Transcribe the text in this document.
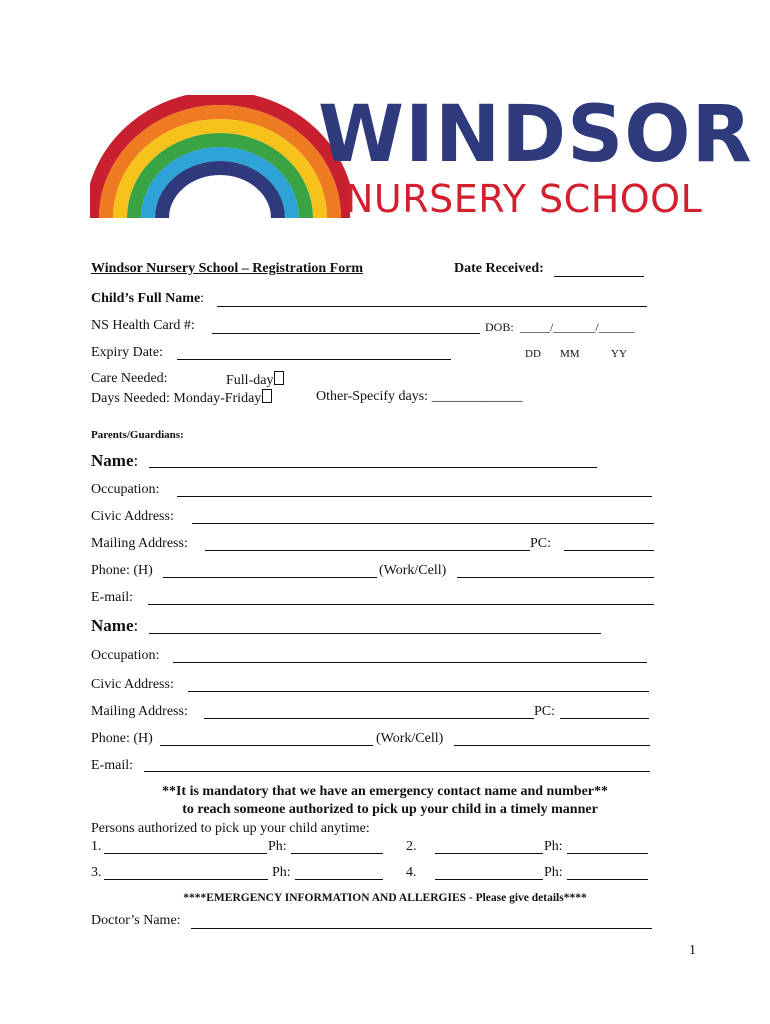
WINDSOR
NURSERY SCHOOL
Windsor Nursery School – Registration Form	Date Received:
Child’s Full Name:
NS Health Card #:	DOB: _____/_______/______
Expiry Date:	DD MM	YY
Care Needed:	Full-day
Days Needed: Monday-Friday	Other-Specify days: _____________
Parents/Guardians:
Name:
Occupation:
Civic Address:
Mailing Address:	PC:
Phone: (H)	(Work/Cell)
E-mail:
Name:
Occupation:
Civic Address:
Mailing Address:	PC:
Phone: (H)	(Work/Cell)
E-mail:
**It is mandatory that we have an emergency contact name and number**
to reach someone authorized to pick up your child in a timely manner
Persons authorized to pick up your child anytime:
1.	Ph:	2.	Ph:
3.	Ph:	4.	Ph:
****EMERGENCY INFORMATION AND ALLERGIES - Please give details****
Doctor’s Name:
1
